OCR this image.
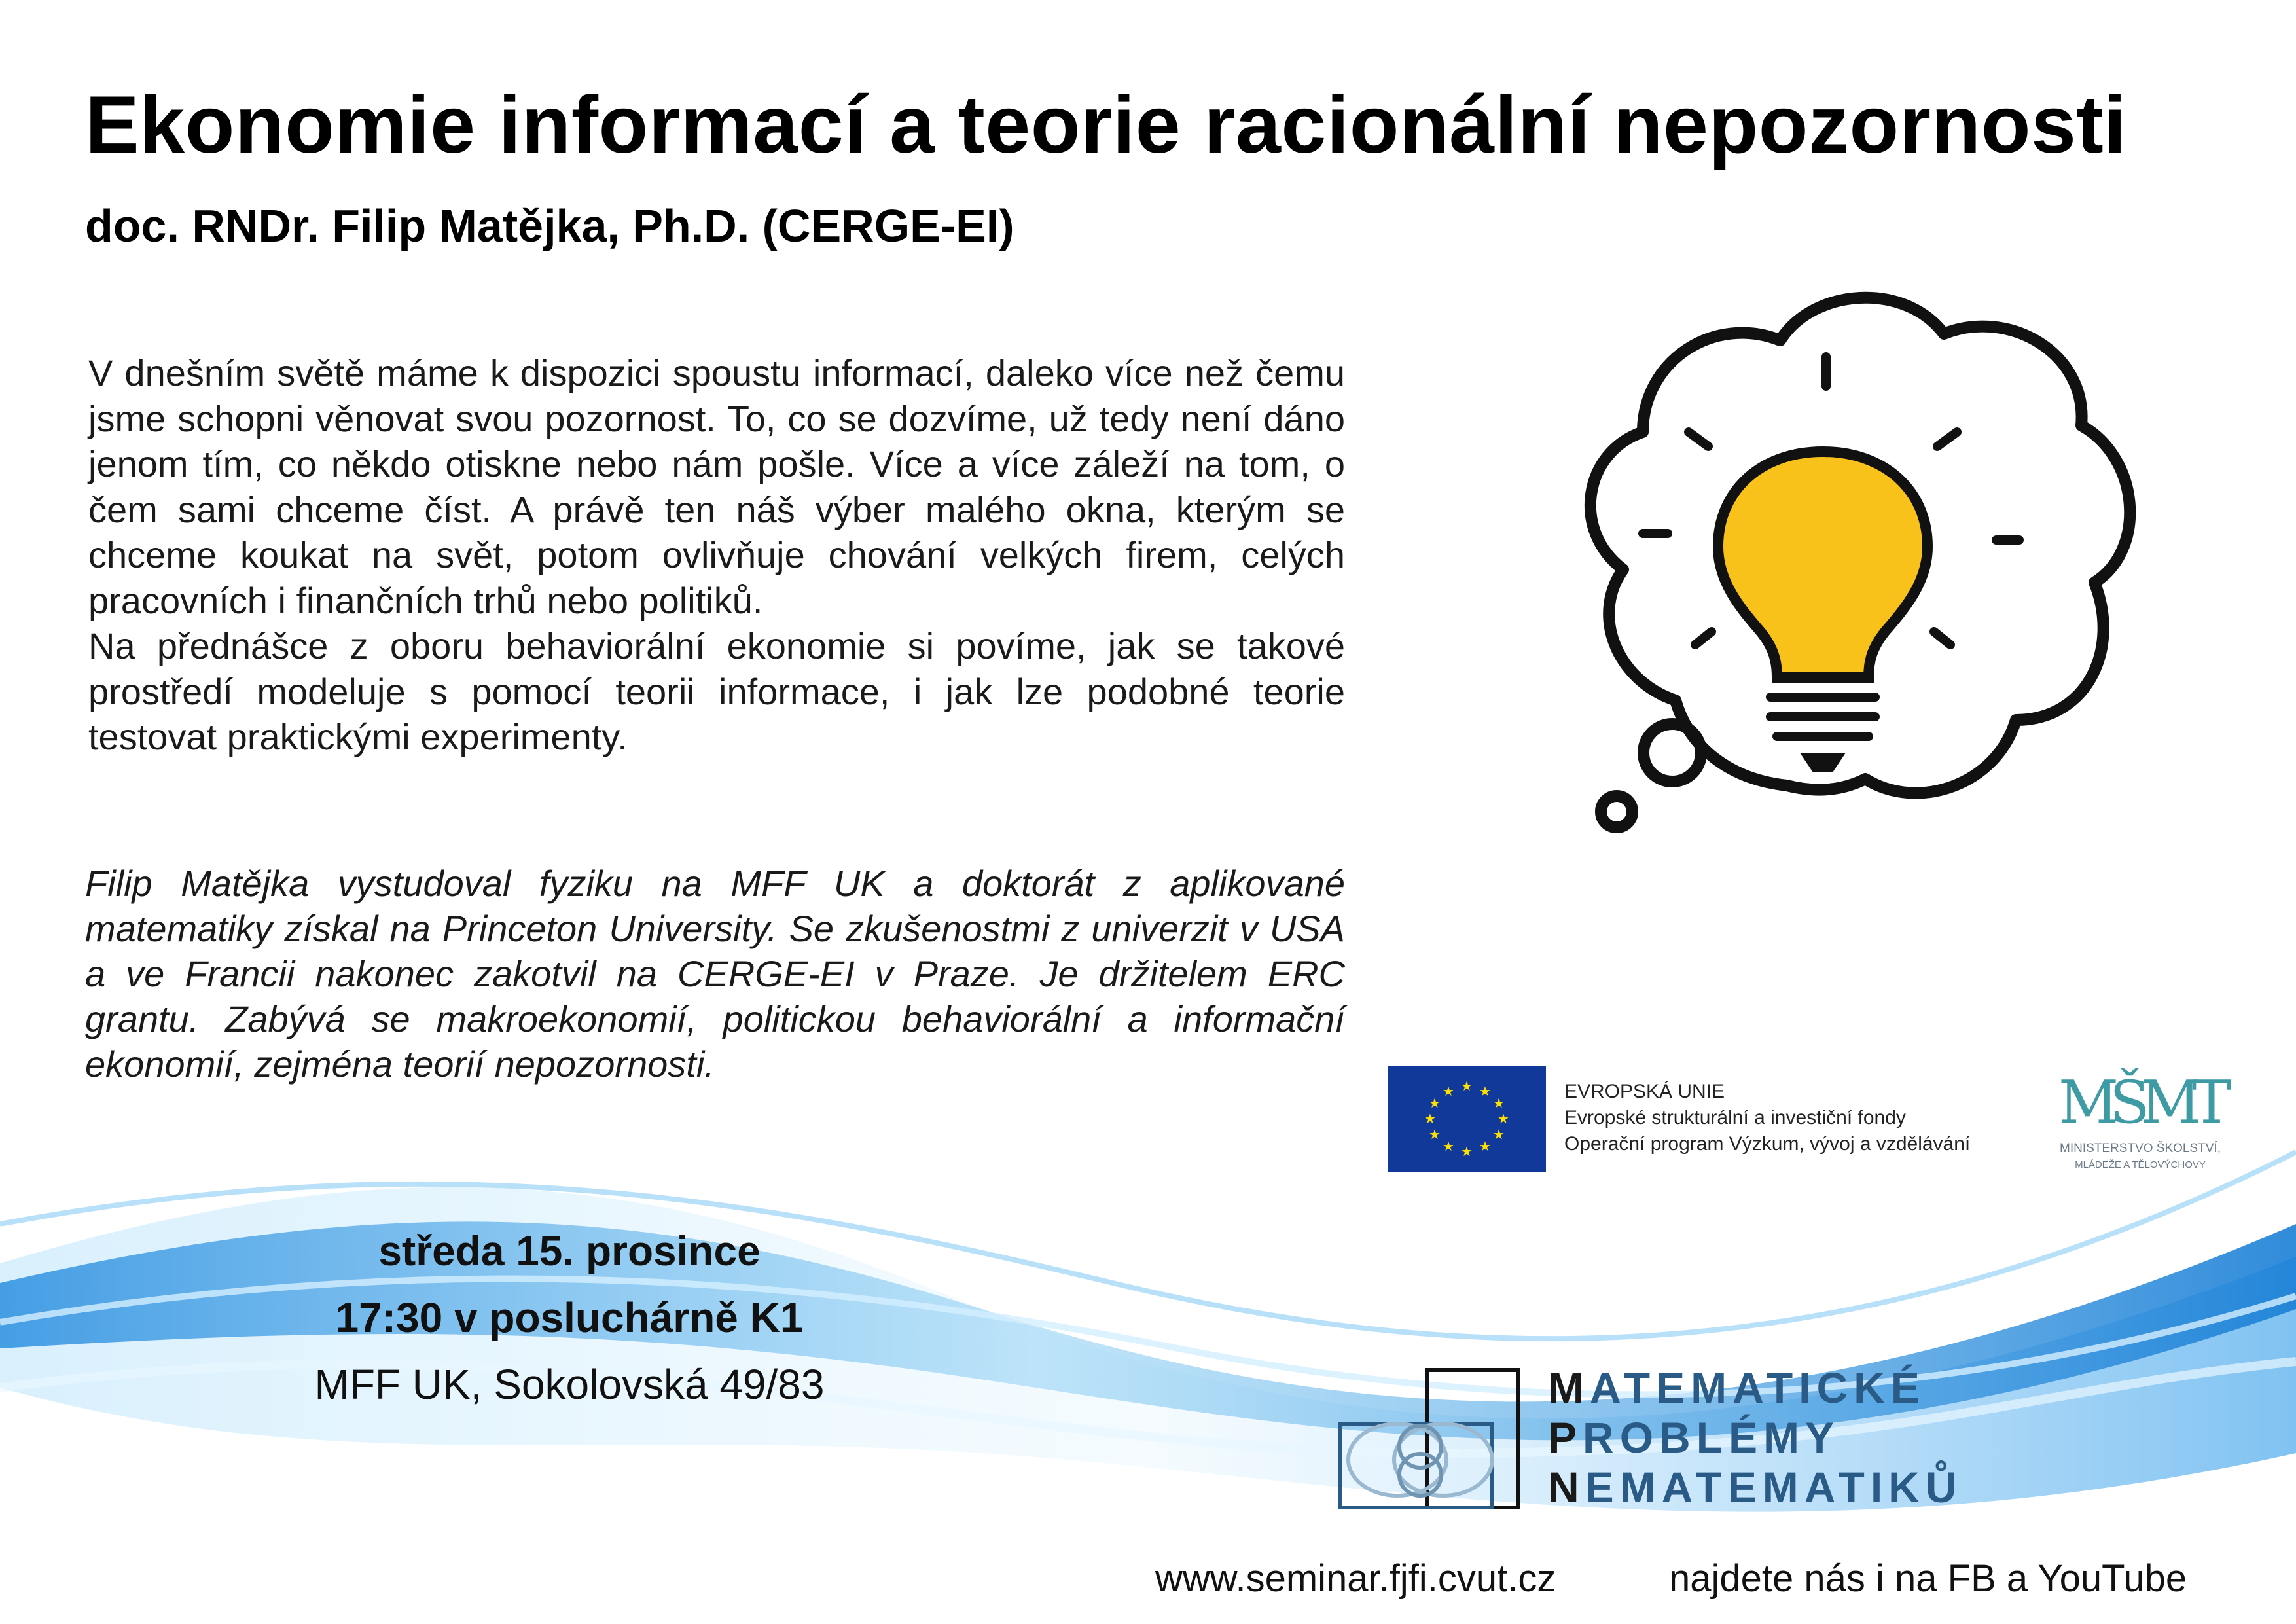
Ekonomie informací a teorie racionální nepozornosti
doc. RNDr. Filip Matějka, Ph.D. (CERGE-EI)

V dnešním světě máme k dispozici spoustu informací, daleko více než čemu jsme schopni věnovat svou pozornost. To, co se dozvíme, už tedy není dáno jenom tím, co někdo otiskne nebo nám pošle. Více a více záleží na tom, o čem sami chceme číst. A právě ten náš výber malého okna, kterým se chceme koukat na svět, potom ovlivňuje chování velkých firem, celých pracovních i finančních trhů nebo politiků.

Na přednášce z oboru behaviorální ekonomie si povíme, jak se takové prostředí modeluje s pomocí teorii informace, i jak lze podobné teorie testovat praktickými experimenty.

Filip Matějka vystudoval fyziku na MFF UK a doktorát z aplikované matematiky získal na Princeton University. Se zkušenostmi z univerzit v USA a ve Francii nakonec zakotvil na CERGE-EI v Praze. Je držitelem ERC grantu. Zabývá se makroekonomií, politickou behaviorální a informační ekonomií, zejména teorií nepozornosti.
★ ★
★
★
★
★
★
★
★
★
★
★	EVROPSKÁ UNIE
Evropské strukturální a investiční fondy
Operační program Výzkum, vývoj a vzdělávání
MŠMT
MINISTERSTVO ŠKOLSTVÍ,
MLÁDEŽE A TĚLOVÝCHOVY
středa 15. prosince
17:30 v posluchárně K1
MFF UK, Sokolovská 49/83	MATEMATICKÉ
PROBLÉMY
NEMATEMATIKŮ
www.seminar.fjfi.cvut.cz	najdete nás i na FB a YouTube
